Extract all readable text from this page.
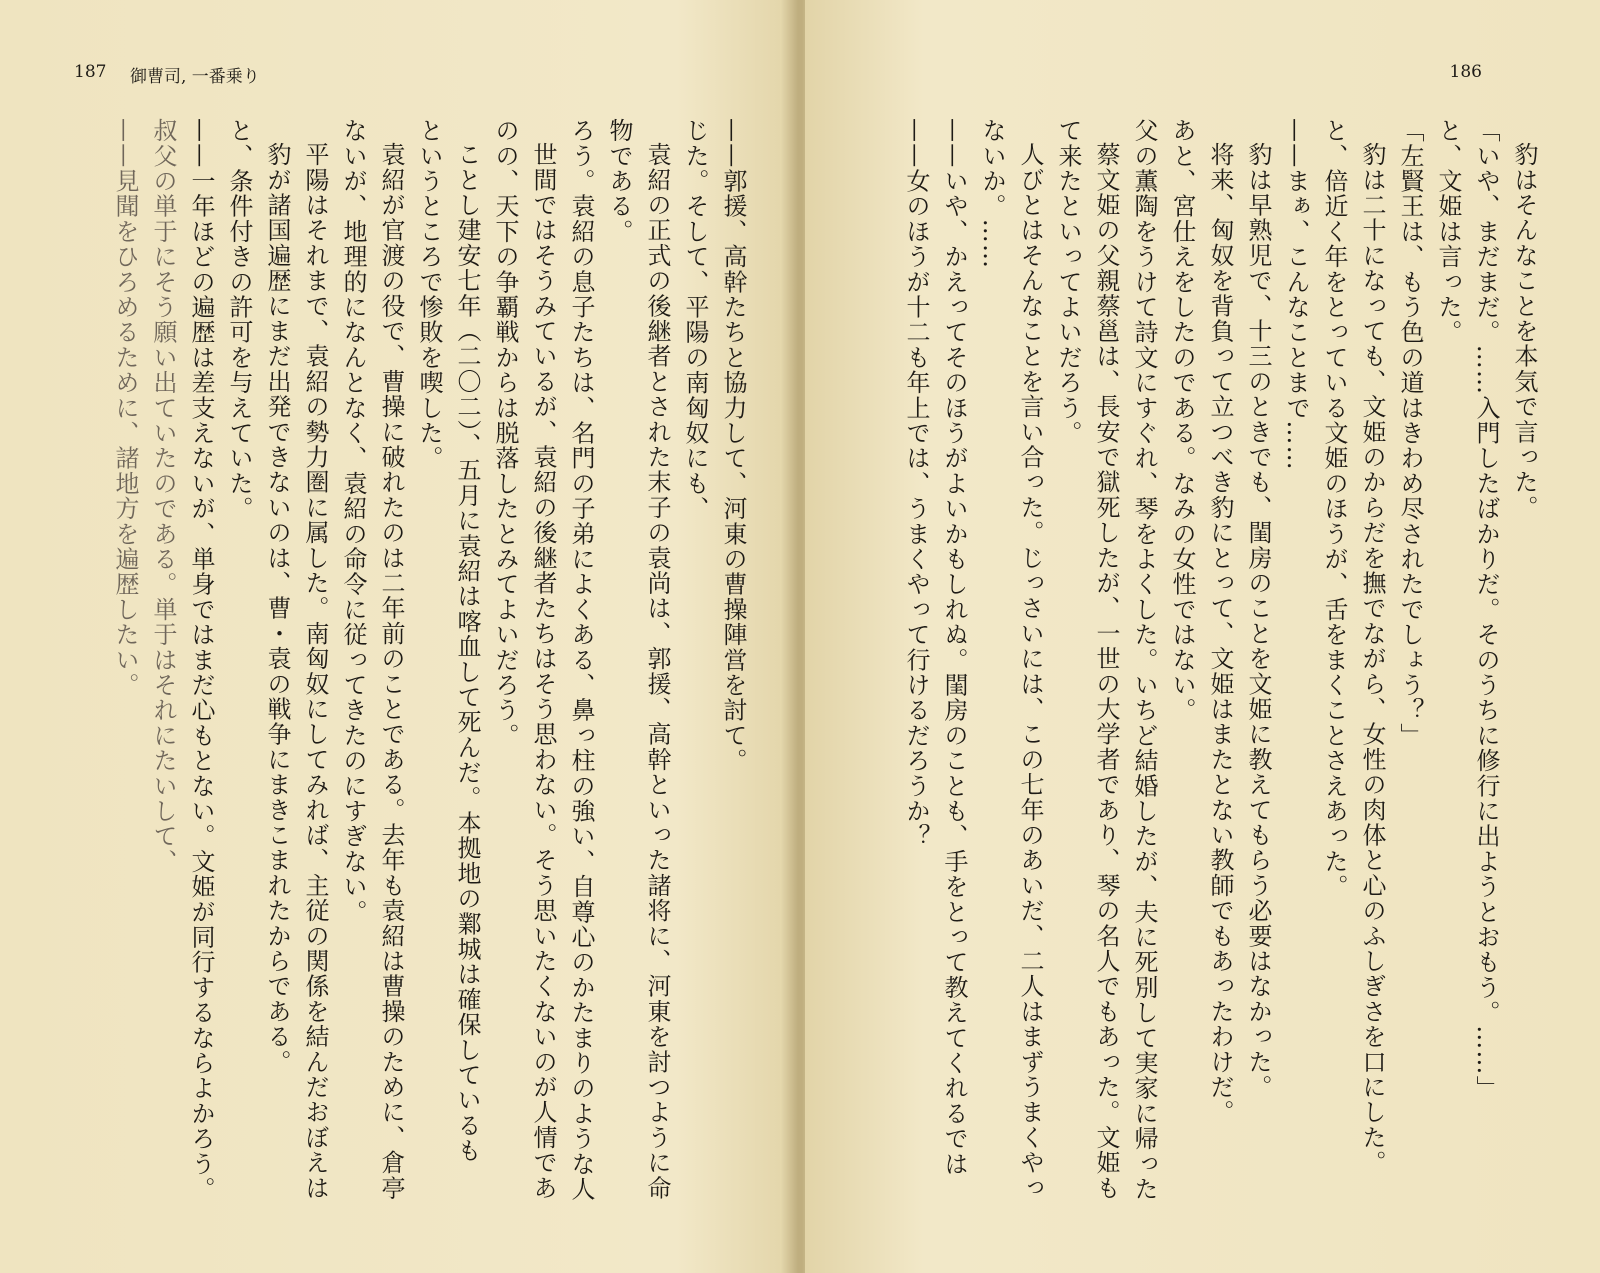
187 御曹司, 一番乗り
——郭援、高幹たちと協力して、河東の曹操陣営を討て。
じた。そして、平陽の南匈奴にも、
袁紹の正式の後継者とされた末子の袁尚は、郭援、高幹といった諸将に、河東を討つように命
物である。
ろう。袁紹の息子たちは、名門の子弟によくある、鼻っ柱の強い、自尊心のかたまりのような人
世間ではそうみているが、袁紹の後継者たちはそう思わない。そう思いたくないのが人情であ
のの、天下の争覇戦からは脱落したとみてよいだろう。
ことし建安七年（二〇二）、五月に袁紹は喀血して死んだ。本拠地の鄴城は確保しているも
というところで惨敗を喫した。
袁紹が官渡の役で、曹操に破れたのは二年前のことである。去年も袁紹は曹操のために、倉亭
ないが、地理的になんとなく、袁紹の命令に従ってきたのにすぎない。
平陽はそれまで、袁紹の勢力圏に属した。南匈奴にしてみれば、主従の関係を結んだおぼえは
豹が諸国遍歴にまだ出発できないのは、曹・袁の戦争にまきこまれたからである。
と、条件付きの許可を与えていた。
——一年ほどの遍歴は差支えないが、単身ではまだ心もとない。文姫が同行するならよかろう。
叔父の単于にそう願い出ていたのである。単于はそれにたいして、
——見聞をひろめるために、諸地方を遍歴したい。
186
豹はそんなことを本気で言った。
「いや、まだまだ。……入門したばかりだ。そのうちに修行に出ようとおもう。……」
と、文姫は言った。
「左賢王は、もう色の道はきわめ尽されたでしょう？」
豹は二十になっても、文姫のからだを撫でながら、女性の肉体と心のふしぎさを口にした。
と、倍近く年をとっている文姫のほうが、舌をまくことさえあった。
——まぁ、こんなことまで……
豹は早熟児で、十三のときでも、閨房のことを文姫に教えてもらう必要はなかった。
将来、匈奴を背負って立つべき豹にとって、文姫はまたとない教師でもあったわけだ。
あと、宮仕えをしたのである。なみの女性ではない。
父の薫陶をうけて詩文にすぐれ、琴をよくした。いちど結婚したが、夫に死別して実家に帰った
蔡文姫の父親蔡邕は、長安で獄死したが、一世の大学者であり、琴の名人でもあった。文姫も
て来たといってよいだろう。
人びとはそんなことを言い合った。じっさいには、この七年のあいだ、二人はまずうまくやっ
ないか。……
——いや、かえってそのほうがよいかもしれぬ。閨房のことも、手をとって教えてくれるでは
——女のほうが十二も年上では、うまくやって行けるだろうか？
